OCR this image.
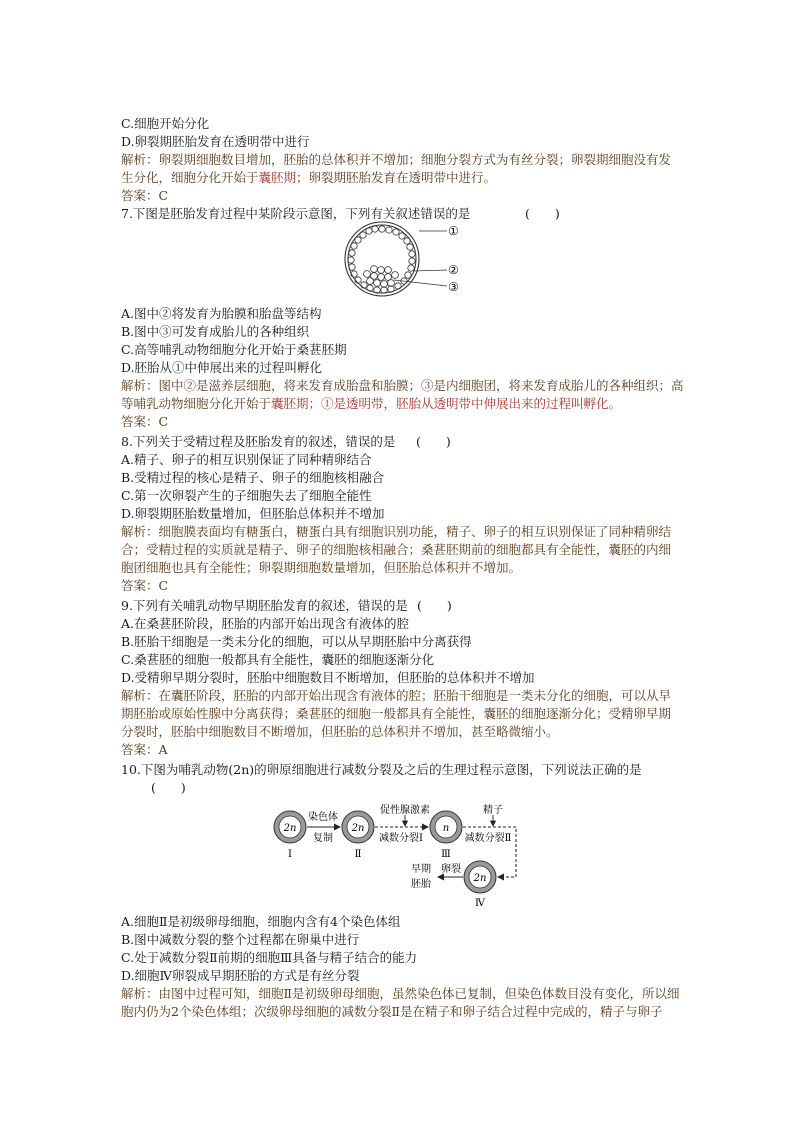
C.细胞开始分化
D.卵裂期胚胎发育在透明带中进行
解析：卵裂期细胞数目增加，胚胎的总体积并不增加；细胞分裂方式为有丝分裂；卵裂期细胞没有发
生分化，细胞分化开始于囊胚期；卵裂期胚胎发育在透明带中进行。
答案：C
7.下图是胚胎发育过程中某阶段示意图，下列有关叙述错误的是	(　　)
①
②
③
A.图中②将发育为胎膜和胎盘等结构
B.图中③可发育成胎儿的各种组织
C.高等哺乳动物细胞分化开始于桑葚胚期
D.胚胎从①中伸展出来的过程叫孵化
解析：图中②是滋养层细胞，将来发育成胎盘和胎膜；③是内细胞团，将来发育成胎儿的各种组织；高
等哺乳动物细胞分化开始于囊胚期；①是透明带，胚胎从透明带中伸展出来的过程叫孵化。
答案：C
8.下列关于受精过程及胚胎发育的叙述，错误的是	(　　)
A.精子、卵子的相互识别保证了同种精卵结合
B.受精过程的核心是精子、卵子的细胞核相融合
C.第一次卵裂产生的子细胞失去了细胞全能性
D.卵裂期胚胎数量增加，但胚胎总体积并不增加
解析：细胞膜表面均有糖蛋白，糖蛋白具有细胞识别功能，精子、卵子的相互识别保证了同种精卵结
合；受精过程的实质就是精子、卵子的细胞核相融合；桑葚胚期前的细胞都具有全能性，囊胚的内细
胞团细胞也具有全能性；卵裂期细胞数量增加，但胚胎总体积并不增加。
答案：C
9.下列有关哺乳动物早期胚胎发育的叙述，错误的是 (　　)
A.在桑葚胚阶段，胚胎的内部开始出现含有液体的腔
B.胚胎干细胞是一类未分化的细胞，可以从早期胚胎中分离获得
C.桑葚胚的细胞一般都具有全能性，囊胚的细胞逐渐分化
D.受精卵早期分裂时，胚胎中细胞数目不断增加，但胚胎的总体积并不增加
解析：在囊胚阶段，胚胎的内部开始出现含有液体的腔；胚胎干细胞是一类未分化的细胞，可以从早
期胚胎或原始性腺中分离获得；桑葚胚的细胞一般都具有全能性，囊胚的细胞逐渐分化；受精卵早期
分裂时，胚胎中细胞数目不断增加，但胚胎的总体积并不增加，甚至略微缩小。
答案：A
10.下图为哺乳动物(2n)的卵原细胞进行减数分裂及之后的生理过程示意图，下列说法正确的是
(　　)
2n
染色体
复制
2n
促性腺激素
减数分裂Ⅰ
n
精子
减数分裂Ⅱ
2n
卵裂
早期
胚胎
Ⅰ	Ⅱ	Ⅲ
Ⅳ
A.细胞Ⅱ是初级卵母细胞，细胞内含有4个染色体组
B.图中减数分裂的整个过程都在卵巢中进行
C.处于减数分裂Ⅱ前期的细胞Ⅲ具备与精子结合的能力
D.细胞Ⅳ卵裂成早期胚胎的方式是有丝分裂
解析：由图中过程可知，细胞Ⅱ是初级卵母细胞，虽然染色体已复制，但染色体数目没有变化，所以细
胞内仍为2个染色体组；次级卵母细胞的减数分裂Ⅱ是在精子和卵子结合过程中完成的，精子与卵子
